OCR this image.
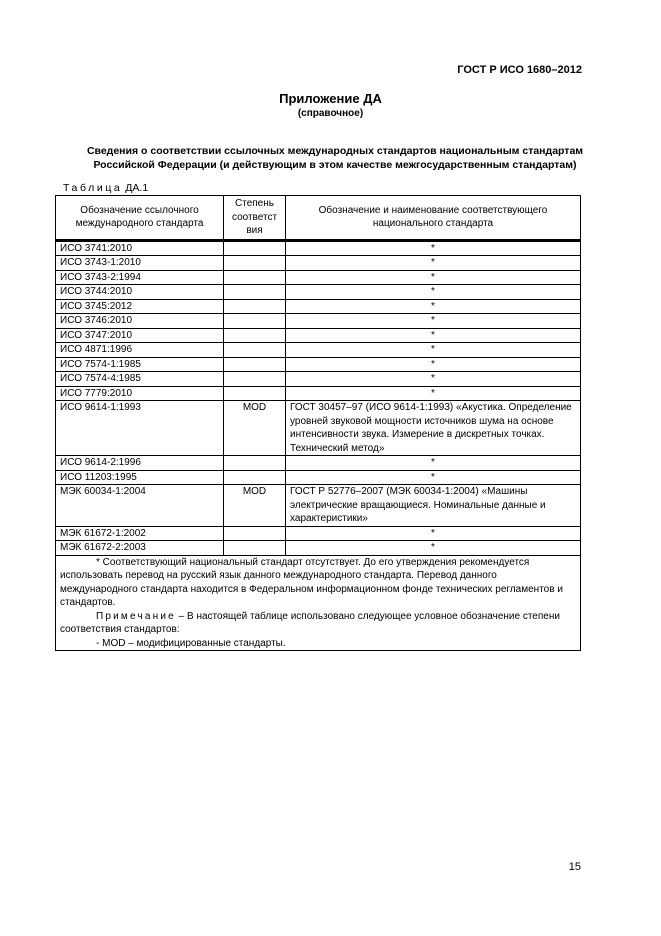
ГОСТ Р ИСО 1680–2012
Приложение ДА
(справочное)
Сведения о соответствии ссылочных международных стандартов национальным стандартам
Российской Федерации (и действующим в этом качестве межгосударственным стандартам)
Таблица ДА.1
Обозначение ссылочного международного стандарта	Степень соответст вия	Обозначение и наименование соответствующего национального стандарта
ИСО 3741:2010		*
ИСО 3743-1:2010		*
ИСО 3743-2:1994		*
ИСО 3744:2010		*
ИСО 3745:2012		*
ИСО 3746:2010		*
ИСО 3747:2010		*
ИСО 4871:1996		*
ИСО 7574-1:1985		*
ИСО 7574-4:1985		*
ИСО 7779:2010		*
ИСО 9614-1:1993	MOD	ГОСТ 30457–97 (ИСО 9614-1:1993) «Акустика. Определение уровней звуковой мощности источников шума на основе интенсивности звука. Измерение в дискретных точках. Технический метод»
ИСО 9614-2:1996		*
ИСО 11203:1995		*
МЭК 60034-1:2004	MOD	ГОСТ Р 52776–2007 (МЭК 60034-1:2004) «Машины электрические вращающиеся. Номинальные данные и характеристики»
МЭК 61672-1:2002		*
МЭК 61672-2:2003		*

* Соответствующий национальный стандарт отсутствует. До его утверждения рекомендуется использовать перевод на русский язык данного международного стандарта. Перевод данного международного стандарта находится в Федеральном информационном фонде технических регламентов и стандартов.
Примечание – В настоящей таблице использовано следующее условное обозначение степени соответствия стандартов:
- MOD – модифицированные стандарты.		
15
